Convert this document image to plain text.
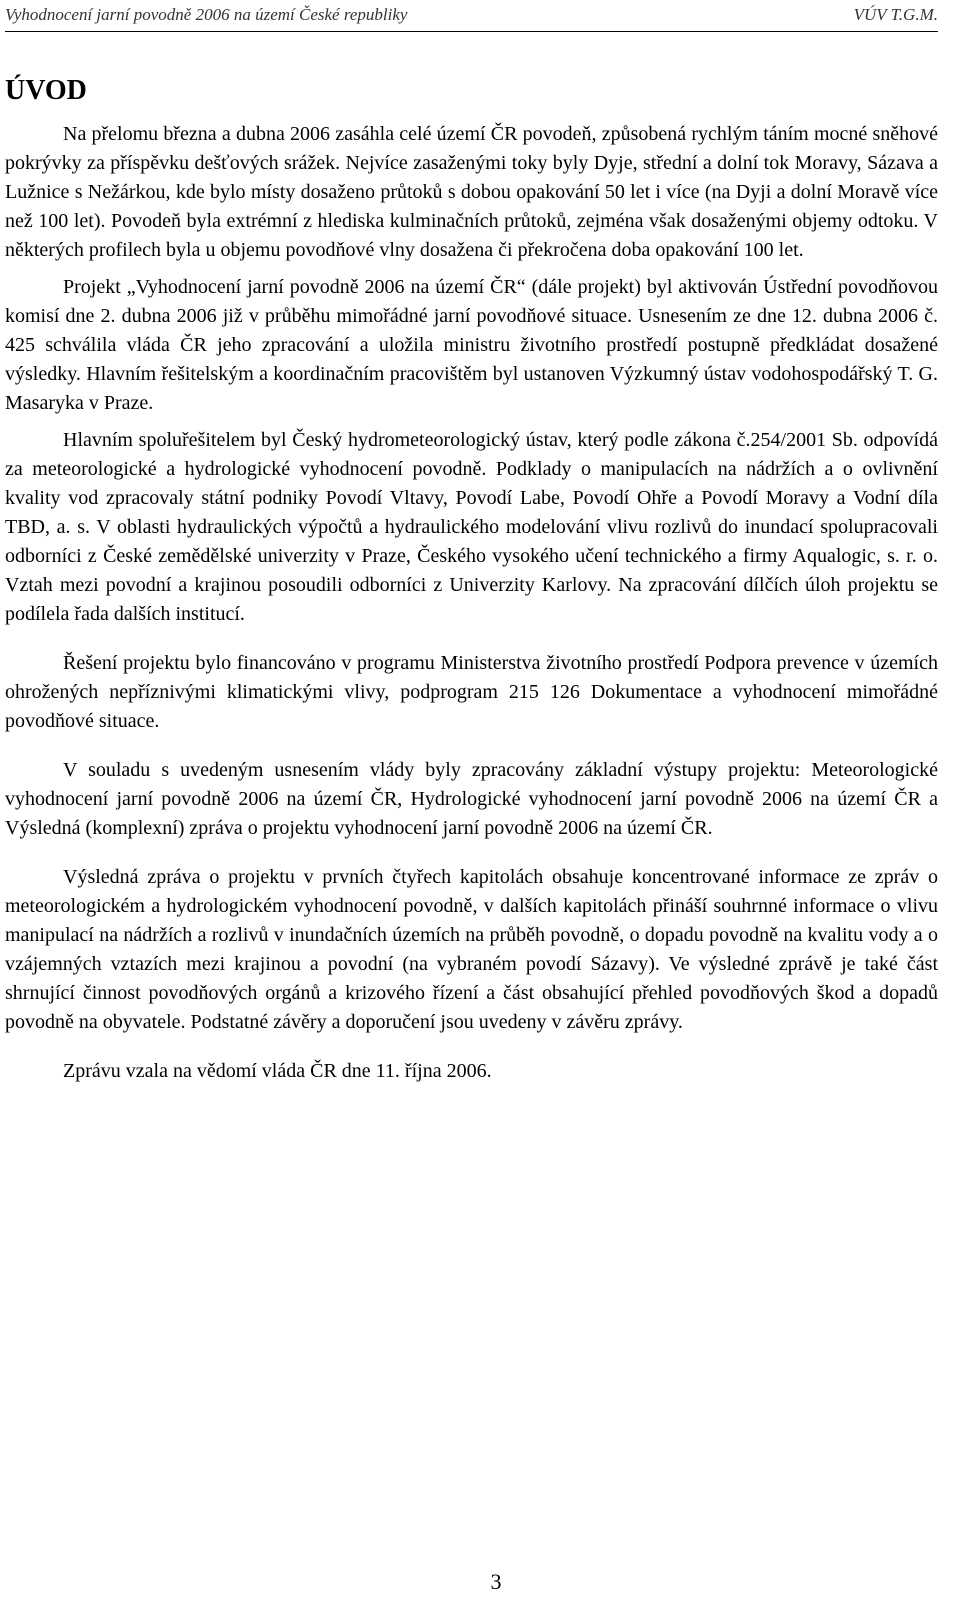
Vyhodnocení jarní povodně 2006 na území České republiky	VÚV T.G.M.
ÚVOD

Na přelomu března a dubna 2006 zasáhla celé území ČR povodeň, způsobená rychlým táním mocné sněhové pokrývky za příspěvku dešťových srážek. Nejvíce zasaženými toky byly Dyje, střední a dolní tok Moravy, Sázava a Lužnice s Nežárkou, kde bylo místy dosaženo průtoků s dobou opakování 50 let i více (na Dyji a dolní Moravě více než 100 let). Povodeň byla extrémní z hlediska kulminačních průtoků, zejména však dosaženými objemy odtoku. V některých profilech byla u objemu povodňové vlny dosažena či překročena doba opakování 100 let.

Projekt „Vyhodnocení jarní povodně 2006 na území ČR“ (dále projekt) byl aktivován Ústřední povodňovou komisí dne 2. dubna 2006 již v průběhu mimořádné jarní povodňové situace. Usnesením ze dne 12. dubna 2006 č. 425 schválila vláda ČR jeho zpracování a uložila ministru životního prostředí postupně předkládat dosažené výsledky. Hlavním řešitelským a koordinačním pracovištěm byl ustanoven Výzkumný ústav vodohospodářský T. G. Masaryka v Praze.

Hlavním spoluřešitelem byl Český hydrometeorologický ústav, který podle zákona č.254/2001 Sb. odpovídá za meteorologické a hydrologické vyhodnocení povodně. Podklady o manipulacích na nádržích a o ovlivnění kvality vod zpracovaly státní podniky Povodí Vltavy, Povodí Labe, Povodí Ohře a Povodí Moravy a Vodní díla TBD, a. s. V oblasti hydraulických výpočtů a hydraulického modelování vlivu rozlivů do inundací spolupracovali odborníci z České zemědělské univerzity v Praze, Českého vysokého učení technického a firmy Aqualogic, s. r. o. Vztah mezi povodní a krajinou posoudili odborníci z Univerzity Karlovy. Na zpracování dílčích úloh projektu se podílela řada dalších institucí.

Řešení projektu bylo financováno v programu Ministerstva životního prostředí Podpora prevence v územích ohrožených nepříznivými klimatickými vlivy, podprogram 215 126 Dokumentace a vyhodnocení mimořádné povodňové situace.

V souladu s uvedeným usnesením vlády byly zpracovány základní výstupy projektu: Meteorologické vyhodnocení jarní povodně 2006 na území ČR, Hydrologické vyhodnocení jarní povodně 2006 na území ČR a Výsledná (komplexní) zpráva o projektu vyhodnocení jarní povodně 2006 na území ČR.

Výsledná zpráva o projektu v prvních čtyřech kapitolách obsahuje koncentrované informace ze zpráv o meteorologickém a hydrologickém vyhodnocení povodně, v dalších kapitolách přináší souhrnné informace o vlivu manipulací na nádržích a rozlivů v inundačních územích na průběh povodně, o dopadu povodně na kvalitu vody a o vzájemných vztazích mezi krajinou a povodní (na vybraném povodí Sázavy). Ve výsledné zprávě je také část shrnující činnost povodňových orgánů a krizového řízení a část obsahující přehled povodňových škod a dopadů povodně na obyvatele. Podstatné závěry a doporučení jsou uvedeny v závěru zprávy.

Zprávu vzala na vědomí vláda ČR dne 11. října 2006.

3
